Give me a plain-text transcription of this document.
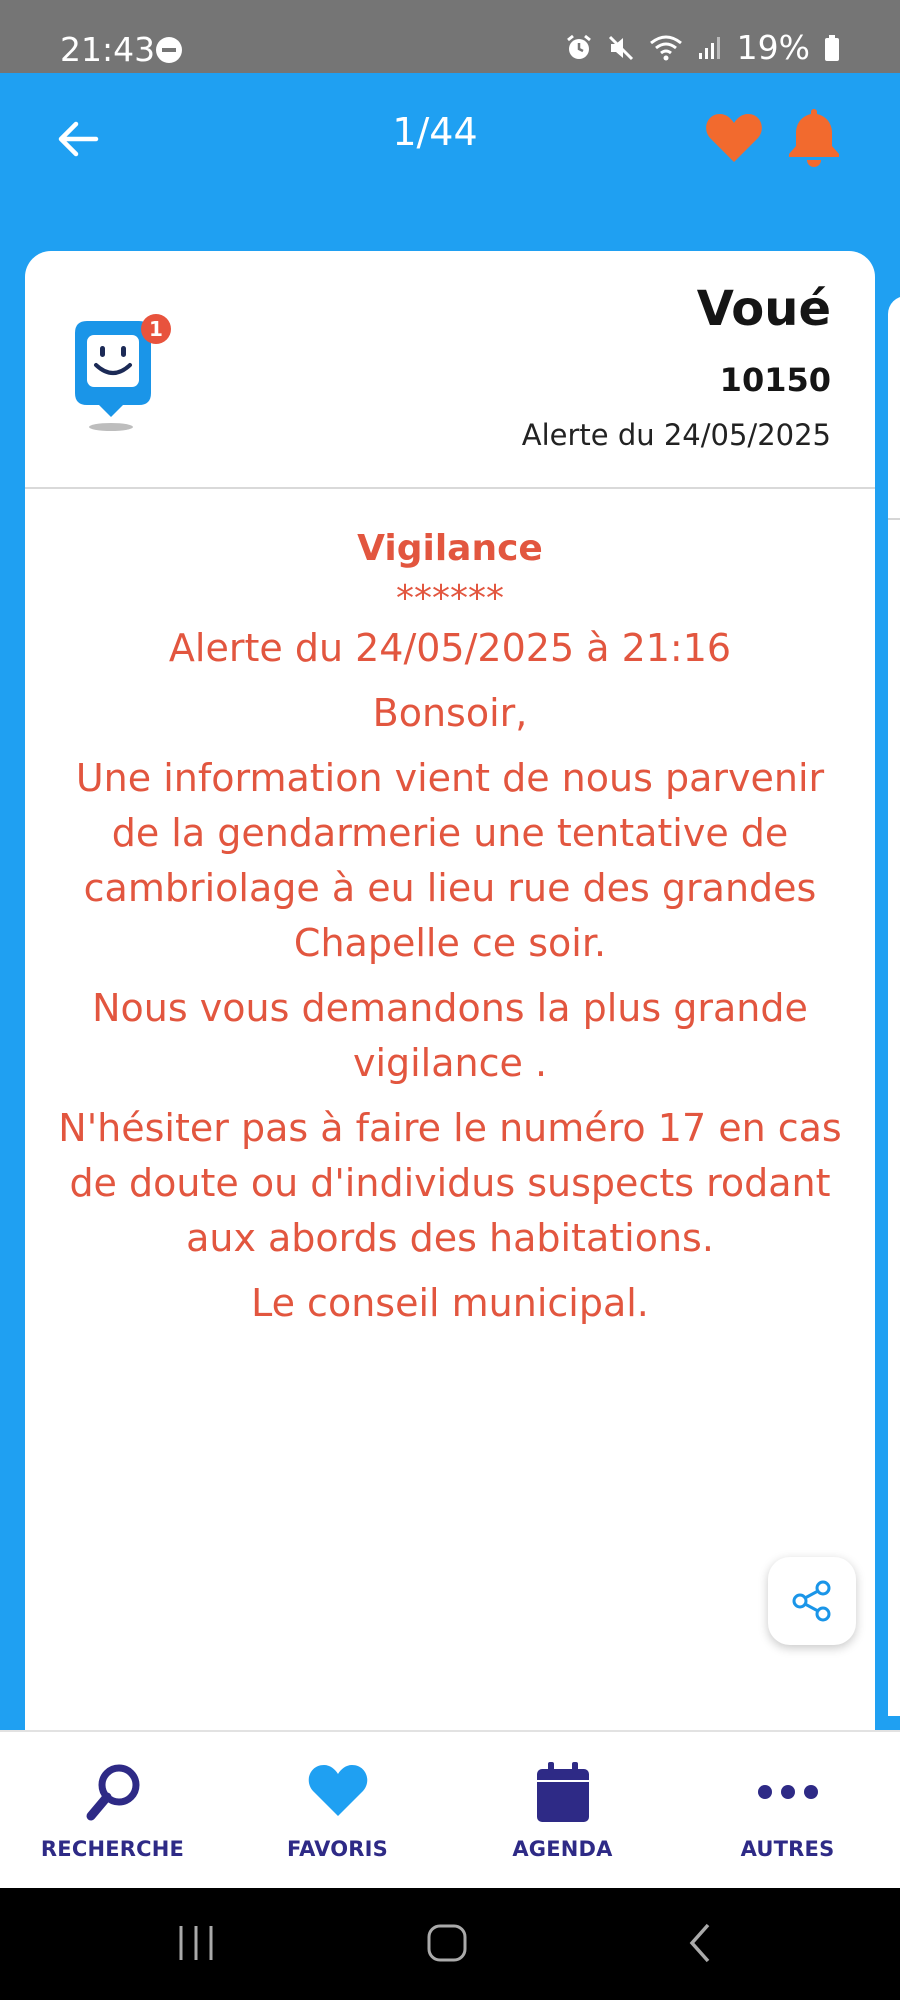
21:43	19%
1/44
1	Voué
10150
Alerte du 24/05/2025

Vigilance

******

Alerte du 24/05/2025 à 21:16

Bonsoir,

Une information vient de nous parvenir de la gendarmerie une tentative de cambriolage à eu lieu rue des grandes Chapelle ce soir.

Nous vous demandons la plus grande vigilance .

N'hésiter pas à faire le numéro 17 en cas de doute ou d'individus suspects rodant aux abords des habitations.

Le conseil municipal.

RECHERCHE	FAVORIS	AGENDA	AUTRES
